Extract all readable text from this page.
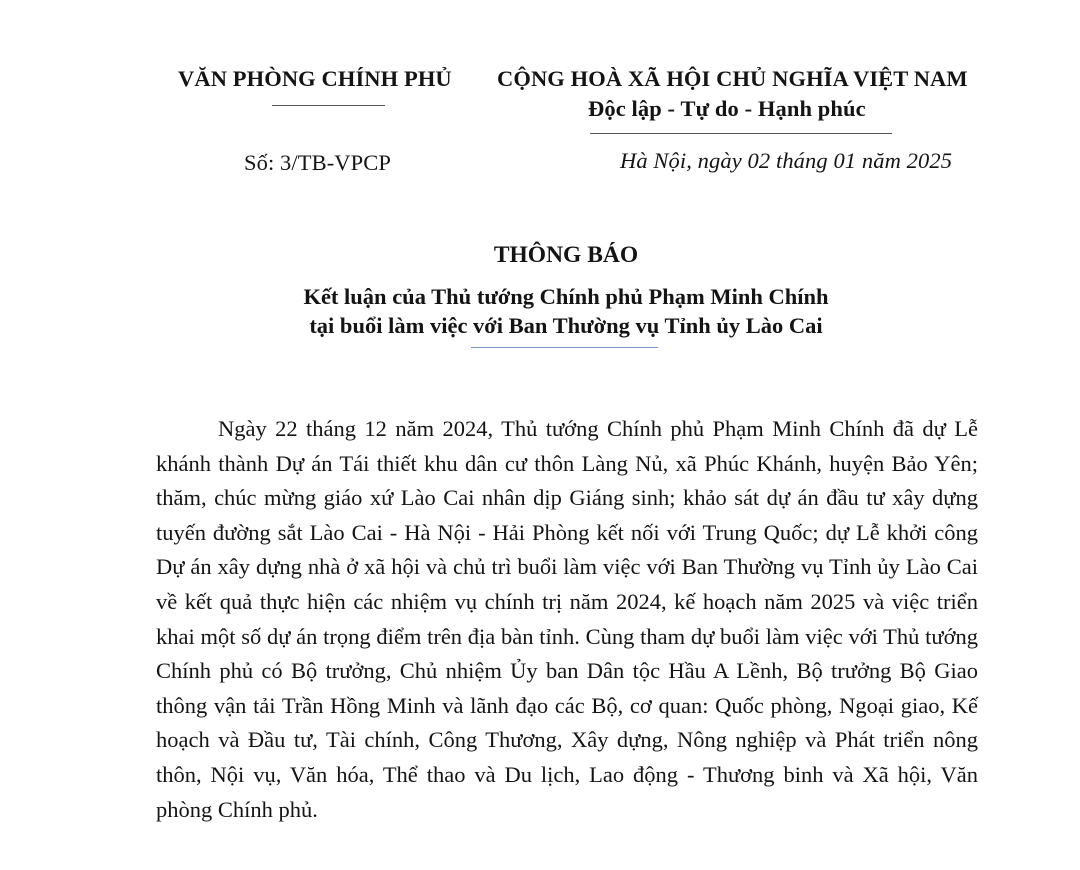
VĂN PHÒNG CHÍNH PHỦ CỘNG HOÀ XÃ HỘI CHỦ NGHĨA VIỆT NAM
Độc lập - Tự do - Hạnh phúc
Số: 3/TB-VPCP	Hà Nội, ngày 02 tháng 01 năm 2025
THÔNG BÁO
Kết luận của Thủ tướng Chính phủ Phạm Minh Chính
tại buổi làm việc với Ban Thường vụ Tỉnh ủy Lào Cai
Ngày 22 tháng 12 năm 2024, Thủ tướng Chính phủ Phạm Minh Chính đã dự Lễ khánh thành Dự án Tái thiết khu dân cư thôn Làng Nủ, xã Phúc Khánh, huyện Bảo Yên; thăm, chúc mừng giáo xứ Lào Cai nhân dịp Giáng sinh; khảo sát dự án đầu tư xây dựng tuyến đường sắt Lào Cai - Hà Nội - Hải Phòng kết nối với Trung Quốc; dự Lễ khởi công Dự án xây dựng nhà ở xã hội và chủ trì buổi làm việc với Ban Thường vụ Tỉnh ủy Lào Cai về kết quả thực hiện các nhiệm vụ chính trị năm 2024, kế hoạch năm 2025 và việc triển khai một số dự án trọng điểm trên địa bàn tỉnh. Cùng tham dự buổi làm việc với Thủ tướng Chính phủ có Bộ trưởng, Chủ nhiệm Ủy ban Dân tộc Hầu A Lềnh, Bộ trưởng Bộ Giao thông vận tải Trần Hồng Minh và lãnh đạo các Bộ, cơ quan: Quốc phòng, Ngoại giao, Kế hoạch và Đầu tư, Tài chính, Công Thương, Xây dựng, Nông nghiệp và Phát triển nông thôn, Nội vụ, Văn hóa, Thể thao và Du lịch, Lao động - Thương binh và Xã hội, Văn phòng Chính phủ.
